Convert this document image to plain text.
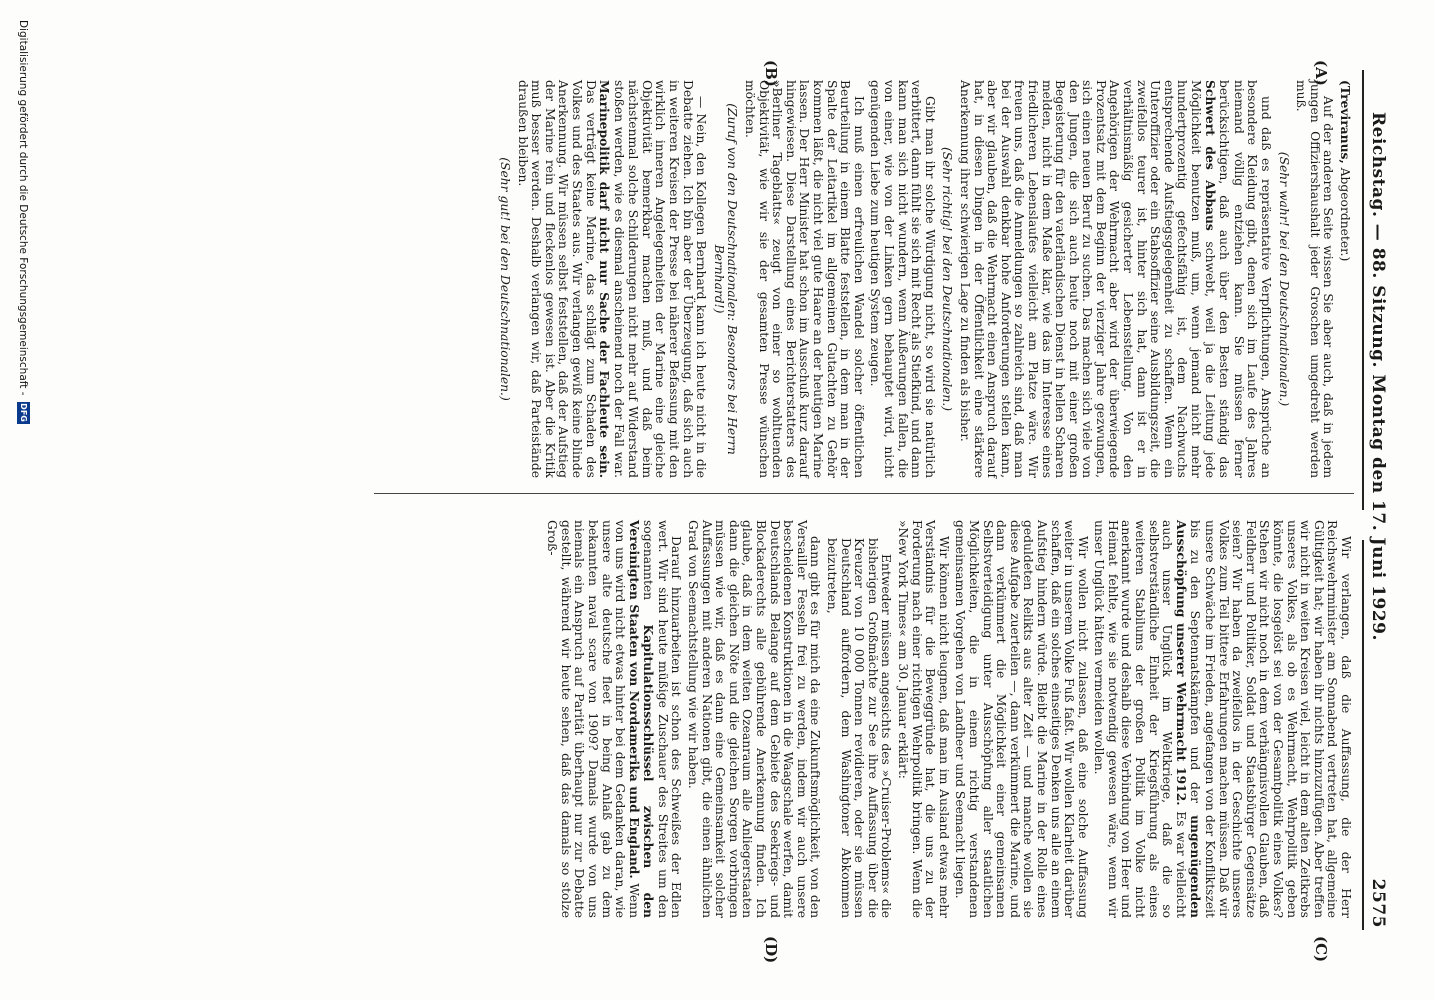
Reichstag. — 88. Sitzung. Montag den 17. Juni 1929.
2575
(A)
(B)
(C)
(D)

(Treviranus, Abgeordneter.)

Auf der anderen Seite wissen Sie aber auch, daß in jedem jungen Offiziershaushalt jeder Groschen umgedreht werden muß.

(Sehr wahr! bei den Deutschnationalen.)

und daß es repräsentative Verpflichtungen, Ansprüche an besondere Kleidung gibt, denen sich im Laufe des Jahres niemand völlig entziehen kann. Sie müssen ferner berücksichtigen, daß auch über den Besten ständig das Schwert des Abbaus schwebt, weil ja die Leitung jede Möglichkeit benutzen muß, um, wenn jemand nicht mehr hundertprozentig gefechtsfähig ist, dem Nachwuchs entsprechende Aufstiegsgelegenheit zu schaffen. Wenn ein Unteroffizier oder ein Stabsoffizier seine Ausbildungszeit, die zweifellos teurer ist, hinter sich hat, dann ist er in verhältnismäßig gesicherter Lebensstellung. Von den Angehörigen der Wehrmacht aber wird der überwiegende Prozentsatz mit dem Beginn der vierziger Jahre gezwungen, sich einen neuen Beruf zu suchen. Das machen sich viele von den Jungen, die sich auch heute noch mit einer großen Begeisterung für den vaterländischen Dienst in hellen Scharen melden, nicht in dem Maße klar, wie das im Interesse eines friedlicheren Lebenslaufes vielleicht am Platze wäre. Wir freuen uns, daß die Anmeldungen so zahlreich sind, daß man bei der Auswahl denkbar hohe Anforderungen stellen kann, aber wir glauben, daß die Wehrmacht einen Anspruch darauf hat, in diesen Dingen in der Öffentlichkeit eine stärkere Anerkennung ihrer schwierigen Lage zu finden als bisher.

(Sehr richtig! bei den Deutschnationalen.)

Gibt man ihr solche Würdigung nicht, so wird sie natürlich verbittert, dann fühlt sie sich mit Recht als Stiefkind, und dann kann man sich nicht wundern, wenn Äußerungen fallen, die von einer, wie von der Linken gern behauptet wird, nicht genügenden Liebe zum heutigen System zeugen.

Ich muß einen erfreulichen Wandel solcher öffentlichen Beurteilung in einem Blatte feststellen, in dem man in der Spalte der Leitartikel im allgemeinen Gutachten zu Gehör kommen läßt, die nicht viel gute Haare an der heutigen Marine lassen. Der Herr Minister hat schon im Ausschuß kurz darauf hingewiesen. Diese Darstellung eines Berichterstatters des »Berliner Tageblatts« zeugt von einer so wohltuenden Objektivität, wie wir sie der gesamten Presse wünschen möchten.

(Zuruf von den Deutschnationalen: Besonders bei Herrn Bernhard!)

— Nein, den Kollegen Bernhard kann ich heute nicht in die Debatte ziehen. Ich bin aber der Überzeugung, daß sich auch in weiteren Kreisen der Presse bei näherer Befassung mit den wirklich inneren Angelegenheiten der Marine eine gleiche Objektivität bemerkbar machen muß, und daß beim nächstenmal solche Schilderungen nicht mehr auf Widerstand stoßen werden, wie es diesmal anscheinend noch der Fall war. Marinepolitik darf nicht nur Sache der Fachleute sein. Das verträgt keine Marine, das schlägt zum Schaden des Volkes und des Staates aus. Wir verlangen gewiß keine blinde Anerkennung. Wir müssen selbst feststellen, daß der Aufstieg der Marine rein und fleckenlos gewesen ist. Aber die Kritik muß besser werden. Deshalb verlangen wir, daß Parteistände draußen bleiben.

(Sehr gut! bei den Deutschnationalen.)

Wir verlangen, daß die Auffassung, die der Herr Reichswehrminister am Sonnabend vertreten hat, allgemeine Gültigkeit hat; wir haben ihr nichts hinzuzufügen. Aber treffen wir nicht in weiten Kreisen viel, leicht in dem alten Zeitkrebs unseres Volkes, als ob es Wehrmacht, Wehrpolitik geben könnte, die losgelöst sei von der Gesamtpolitik eines Volkes? Stehen wir nicht noch in dem verhängnisvollen Glauben, daß Feldherr und Politiker, Soldat und Staatsbürger Gegensätze seien? Wir haben da zweifellos in der Geschichte unseres Volkes zum Teil bittere Erfahrungen machen müssen. Daß wir unsere Schwäche im Frieden, angefangen von der Konfliktszeit bis zu den Septennatskämpfen und der ungenügenden Ausschöpfung unserer Wehrmacht 1912. Es war vielleicht auch unser Unglück im Weltkriege, daß die so selbstverständliche Einheit der Kriegsführung als eines weiteren Stabilums der großen Politik im Volke nicht anerkannt wurde und deshalb diese Verbindung von Heer und Heimat fehlte, wie sie notwendig gewesen wäre, wenn wir unser Unglück hätten vermeiden wollen.

Wir wollen nicht zulassen, daß eine solche Auffassung weiter in unserem Volke Fuß faßt. Wir wollen Klarheit darüber schaffen, daß ein solches einseitiges Denken uns alle an einem Aufstieg hindern würde. Bleibt die Marine in der Rolle eines geduldeten Relikts aus alter Zeit — und manche wollen sie diese Aufgabe zuerteilen —, dann verkümmert die Marine, und dann verkümmert die Möglichkeit einer gemeinsamen Selbstverteidigung unter Ausschöpfung aller staatlichen Möglichkeiten, die in einem richtig verstandenen gemeinsamen Vorgehen von Landheer und Seemacht liegen.

Wir können nicht leugnen, daß man im Ausland etwas mehr Verständnis für die Beweggründe hat, die uns zu der Forderung nach einer richtigen Wehrpolitik bringen. Wenn die »New York Times« am 30. Januar erklärt:

Entweder müssen angesichts des »Cruiser-Problems« die bisherigen Großmächte zur See ihre Auffassung über die Kreuzer von 10 000 Tonnen revidieren, oder sie müssen Deutschland auffordern, dem Washingtoner Abkommen beizutreten,

dann gibt es für mich da eine Zukunftsmöglichkeit, von den Versailler Fesseln frei zu werden, indem wir auch unsere bescheidenen Konstruktionen in die Waagschale werfen, damit Deutschlands Belange auf dem Gebiete des Seekriegs- und Blockaderechts alle gebührende Anerkennung finden. Ich glaube, daß in dem weiten Ozeanraum alle Anliegerstaaten dann die gleichen Nöte und die gleichen Sorgen vorbringen müssen wie wir, daß es dann eine Gemeinsamkeit solcher Auffassungen mit anderen Nationen gibt, die einen ähnlichen Grad von Seemachtstellung wie wir haben.

Darauf hinzuarbeiten ist schon des Schweißes der Edlen wert. Wir sind heute müßige Zuschauer des Streites um den sogenannten Kapitulationsschlüssel zwischen den Vereinigten Staaten von Nordamerika und England. Wenn von uns wird nicht etwas hinter bei dem Gedanken daran, wie unsere alte deutsche fleet in being Anlaß gab zu dem bekannten naval scare von 1909? Damals wurde von uns niemals ein Anspruch auf Parität überhaupt nur zur Debatte gestellt, während wir heute sehen, daß das damals so stolze Groß-

Digitalisierung gefördert durch die Deutsche Forschungsgemeinschaft -
DFG
